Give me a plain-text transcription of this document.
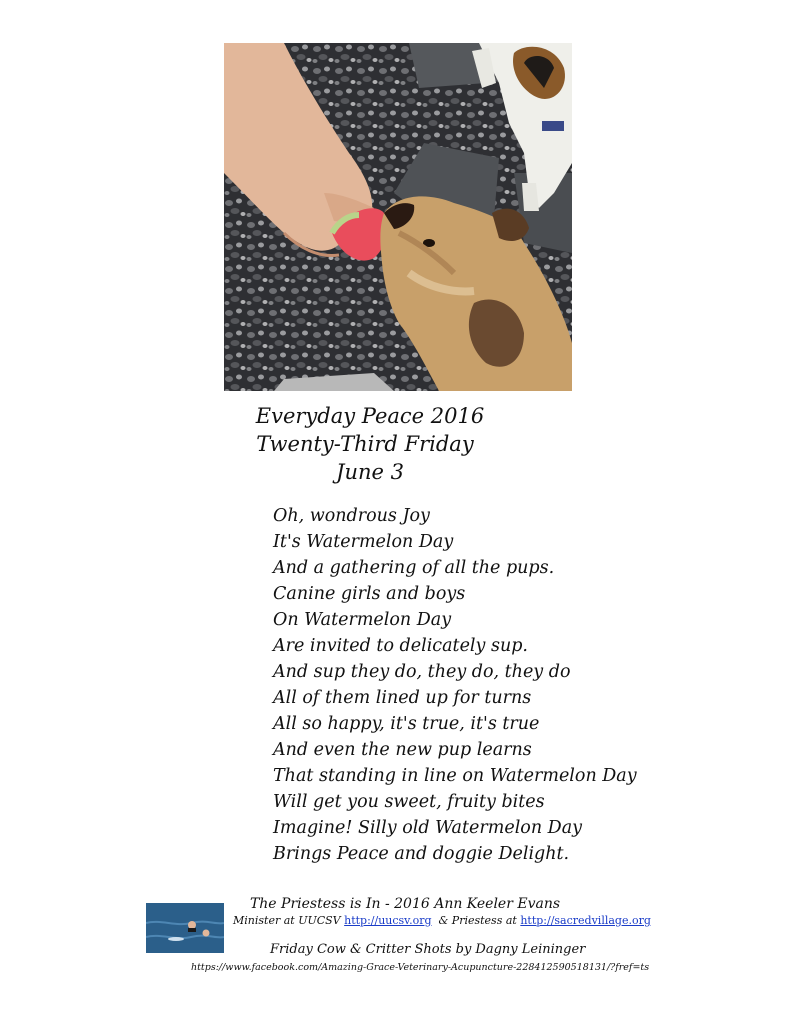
Everyday Peace 2016
Twenty-Third Friday
June 3
Oh, wondrous Joy
It's Watermelon Day
And a gathering of all the pups.
Canine girls and boys
On Watermelon Day
Are invited to delicately sup.
And sup they do, they do, they do
All of them lined up for turns
All so happy, it's true, it's true
And even the new pup learns
That standing in line on Watermelon Day
Will get you sweet, fruity bites
Imagine! Silly old Watermelon Day
Brings Peace and doggie Delight.
The Priestess is In - 2016 Ann Keeler Evans
Minister at UUCSV http://uucsv.org  & Priestess at http://sacredvillage.org
Friday Cow & Critter Shots by Dagny Leininger
https://www.facebook.com/Amazing-Grace-Veterinary-Acupuncture-228412590518131/?fref=ts
